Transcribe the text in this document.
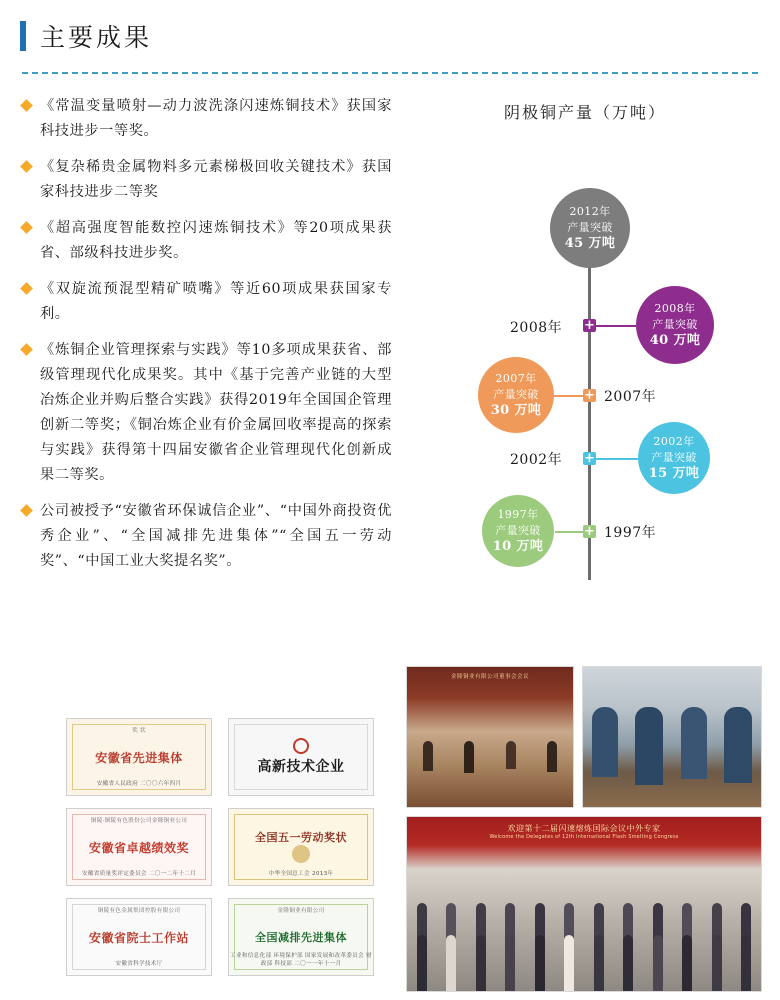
主要成果
《常温变量喷射—动力波洗涤闪速炼铜技术》获国家科技进步一等奖。
《复杂稀贵金属物料多元素梯极回收关键技术》获国家科技进步二等奖
《超高强度智能数控闪速炼铜技术》等20项成果获省、部级科技进步奖。
《双旋流预混型精矿喷嘴》等近60项成果获国家专利。
《炼铜企业管理探索与实践》等10多项成果获省、部级管理现代化成果奖。其中《基于完善产业链的大型冶炼企业并购后整合实践》获得2019年全国国企管理创新二等奖；《铜冶炼企业有价金属回收率提高的探索与实践》获得第十四届安徽省企业管理现代化创新成果二等奖。
公司被授予“安徽省环保诚信企业”、“中国外商投资优秀企业”、“全国减排先进集体”“全国五一劳动奖”、“中国工业大奖提名奖”。
奖 状
安徽省先进集体
安徽省人民政府 二〇〇六年四月
高新技术企业
铜陵·铜陵有色股份公司金隆铜业公司
安徽省卓越绩效奖
安徽省质量奖评定委员会 二〇一二年十二月
全国五一劳动奖状
中华全国总工会 2013年
铜陵有色金属集团控股有限公司
安徽省院士工作站
安徽省科学技术厅
金隆铜业有限公司
全国减排先进集体
工业和信息化部 环境保护部 国家发展和改革委员会 财政部 科技部 二〇一一年十一月
阴极铜产量（万吨）
2012年
产量突破
45 万吨
+
2008年
产量突破
40 万吨
2008年
+
2007年
产量突破
30 万吨
2007年
+
2002年
产量突破
15 万吨
2002年
+
1997年
产量突破
10 万吨
1997年
金隆铜业有限公司董事会会议
欢迎第十二届闪速熔炼国际会议中外专家
Welcome the Delegates of 12th International Flash Smelting Congress
